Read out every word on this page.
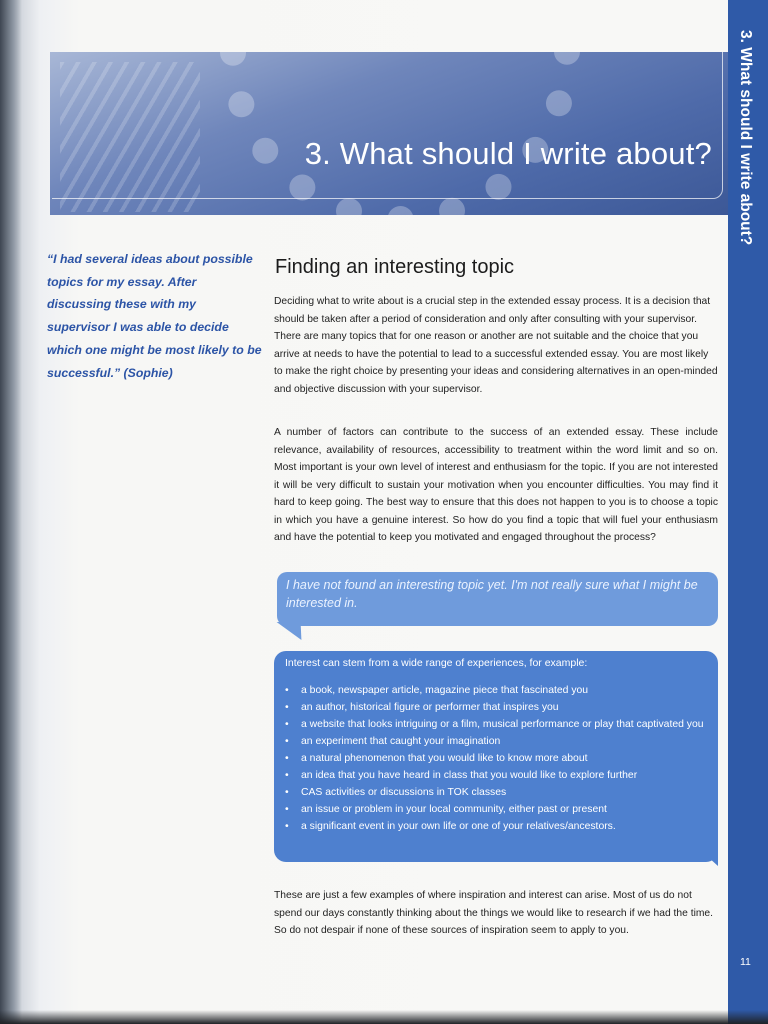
3. What should I write about? 3. What should I write about?
11
“I had several ideas about possible topics for my essay. After discussing these with my supervisor I was able to decide which one might be most likely to be successful.” (Sophie)
Finding an interesting topic

Deciding what to write about is a crucial step in the extended essay process. It is a decision that should be taken after a period of consideration and only after consulting with your supervisor. There are many topics that for one reason or another are not suitable and the choice that you arrive at needs to have the potential to lead to a successful extended essay. You are most likely to make the right choice by presenting your ideas and considering alternatives in an open-minded and objective discussion with your supervisor.

A number of factors can contribute to the success of an extended essay. These include relevance, availability of resources, accessibility to treatment within the word limit and so on. Most important is your own level of interest and enthusiasm for the topic. If you are not interested it will be very difficult to sustain your motivation when you encounter difficulties. You may find it hard to keep going. The best way to ensure that this does not happen to you is to choose a topic in which you have a genuine interest. So how do you find a topic that will fuel your enthusiasm and have the potential to keep you motivated and engaged throughout the process?

I have not found an interesting topic yet. I'm not really sure what I might be interested in.
Interest can stem from a wide range of experiences, for example:
• a book, newspaper article, magazine piece that fascinated you
• an author, historical figure or performer that inspires you
• a website that looks intriguing or a film, musical performance or play that captivated you
• an experiment that caught your imagination
• a natural phenomenon that you would like to know more about
• an idea that you have heard in class that you would like to explore further
• CAS activities or discussions in TOK classes
• an issue or problem in your local community, either past or present
• a significant event in your own life or one of your relatives/ancestors.

These are just a few examples of where inspiration and interest can arise. Most of us do not spend our days constantly thinking about the things we would like to research if we had the time. So do not despair if none of these sources of inspiration seem to apply to you.
